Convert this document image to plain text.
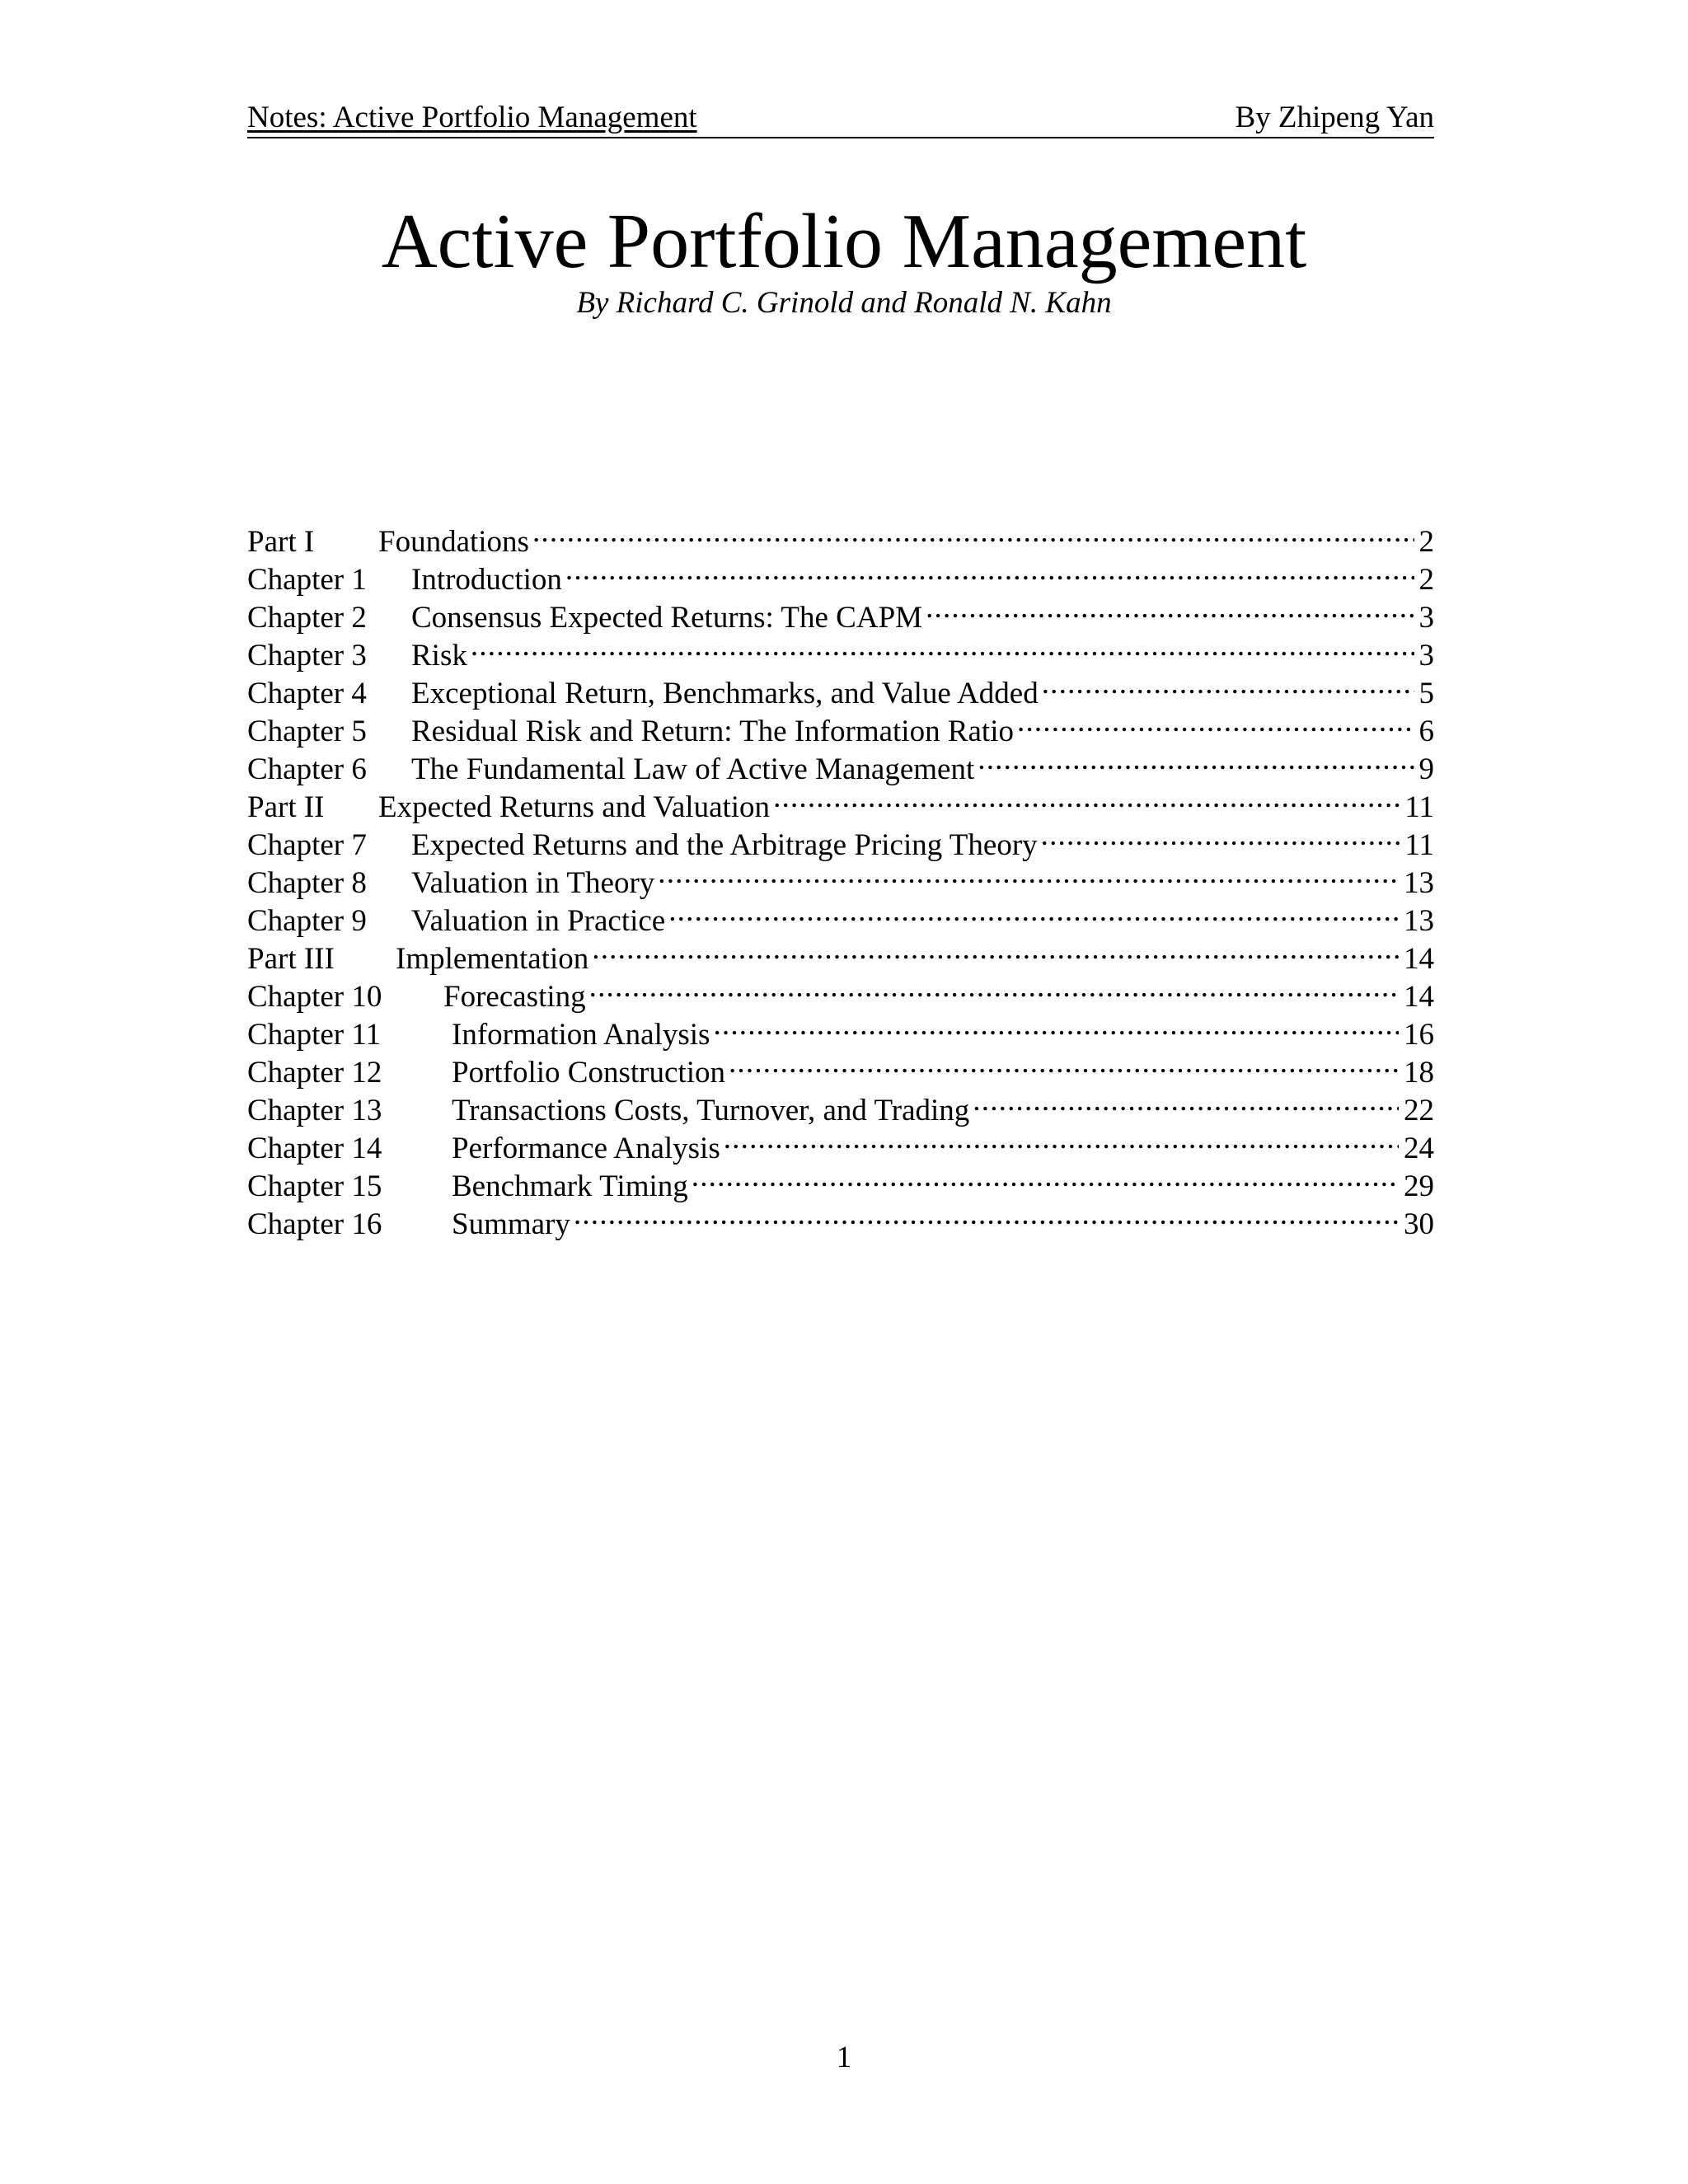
Notes: Active Portfolio Management	By Zhipeng Yan
Active Portfolio Management
By Richard C. Grinold and Ronald N. Kahn
Part I	Foundations .....	2
Chapter 1	Introduction .....	2
Chapter 2	Consensus Expected Returns: The CAPM .....	3
Chapter 3	Risk .....	3
Chapter 4	Exceptional Return, Benchmarks, and Value Added .....	5
Chapter 5	Residual Risk and Return: The Information Ratio .....	6
Chapter 6	The Fundamental Law of Active Management .....	9
Part II	Expected Returns and Valuation .....	11
Chapter 7	Expected Returns and the Arbitrage Pricing Theory .....	11
Chapter 8	Valuation in Theory .....	13
Chapter 9	Valuation in Practice .....	13
Part III	Implementation .....	14
Chapter 10	Forecasting .....	14
Chapter 11	Information Analysis .....	16
Chapter 12	Portfolio Construction .....	18
Chapter 13	Transactions Costs, Turnover, and Trading .....	22
Chapter 14	Performance Analysis .....	24
Chapter 15	Benchmark Timing .....	29
Chapter 16	Summary .....	30
1
